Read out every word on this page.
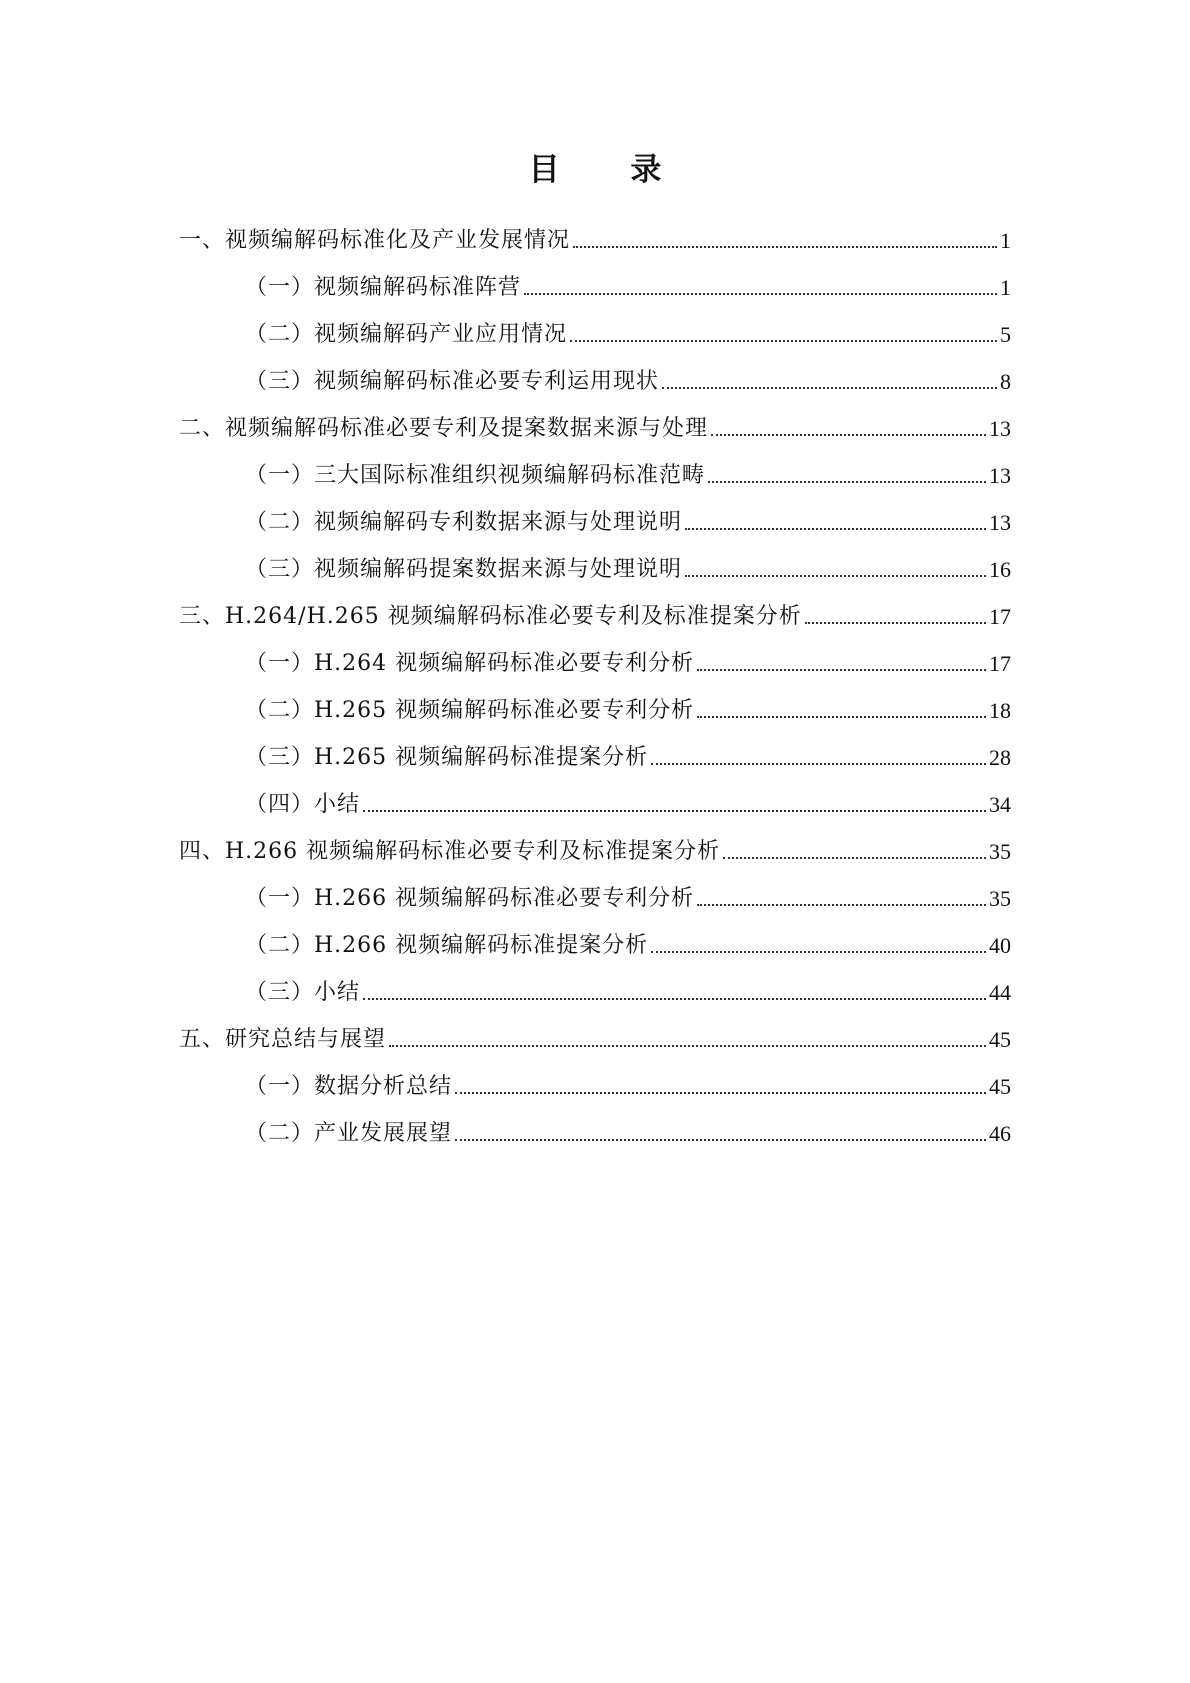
目 录
一、视频编解码标准化及产业发展情况	1
（一）视频编解码标准阵营	1
（二）视频编解码产业应用情况	5
（三）视频编解码标准必要专利运用现状	8
二、视频编解码标准必要专利及提案数据来源与处理	13
（一）三大国际标准组织视频编解码标准范畴	13
（二）视频编解码专利数据来源与处理说明	13
（三）视频编解码提案数据来源与处理说明	16
三、H.264/H.265 视频编解码标准必要专利及标准提案分析	17
（一）H.264 视频编解码标准必要专利分析	17
（二）H.265 视频编解码标准必要专利分析	18
（三）H.265 视频编解码标准提案分析	28
（四）小结	34
四、H.266 视频编解码标准必要专利及标准提案分析	35
（一）H.266 视频编解码标准必要专利分析	35
（二）H.266 视频编解码标准提案分析	40
（三）小结	44
五、研究总结与展望	45
（一）数据分析总结	45
（二）产业发展展望	46
